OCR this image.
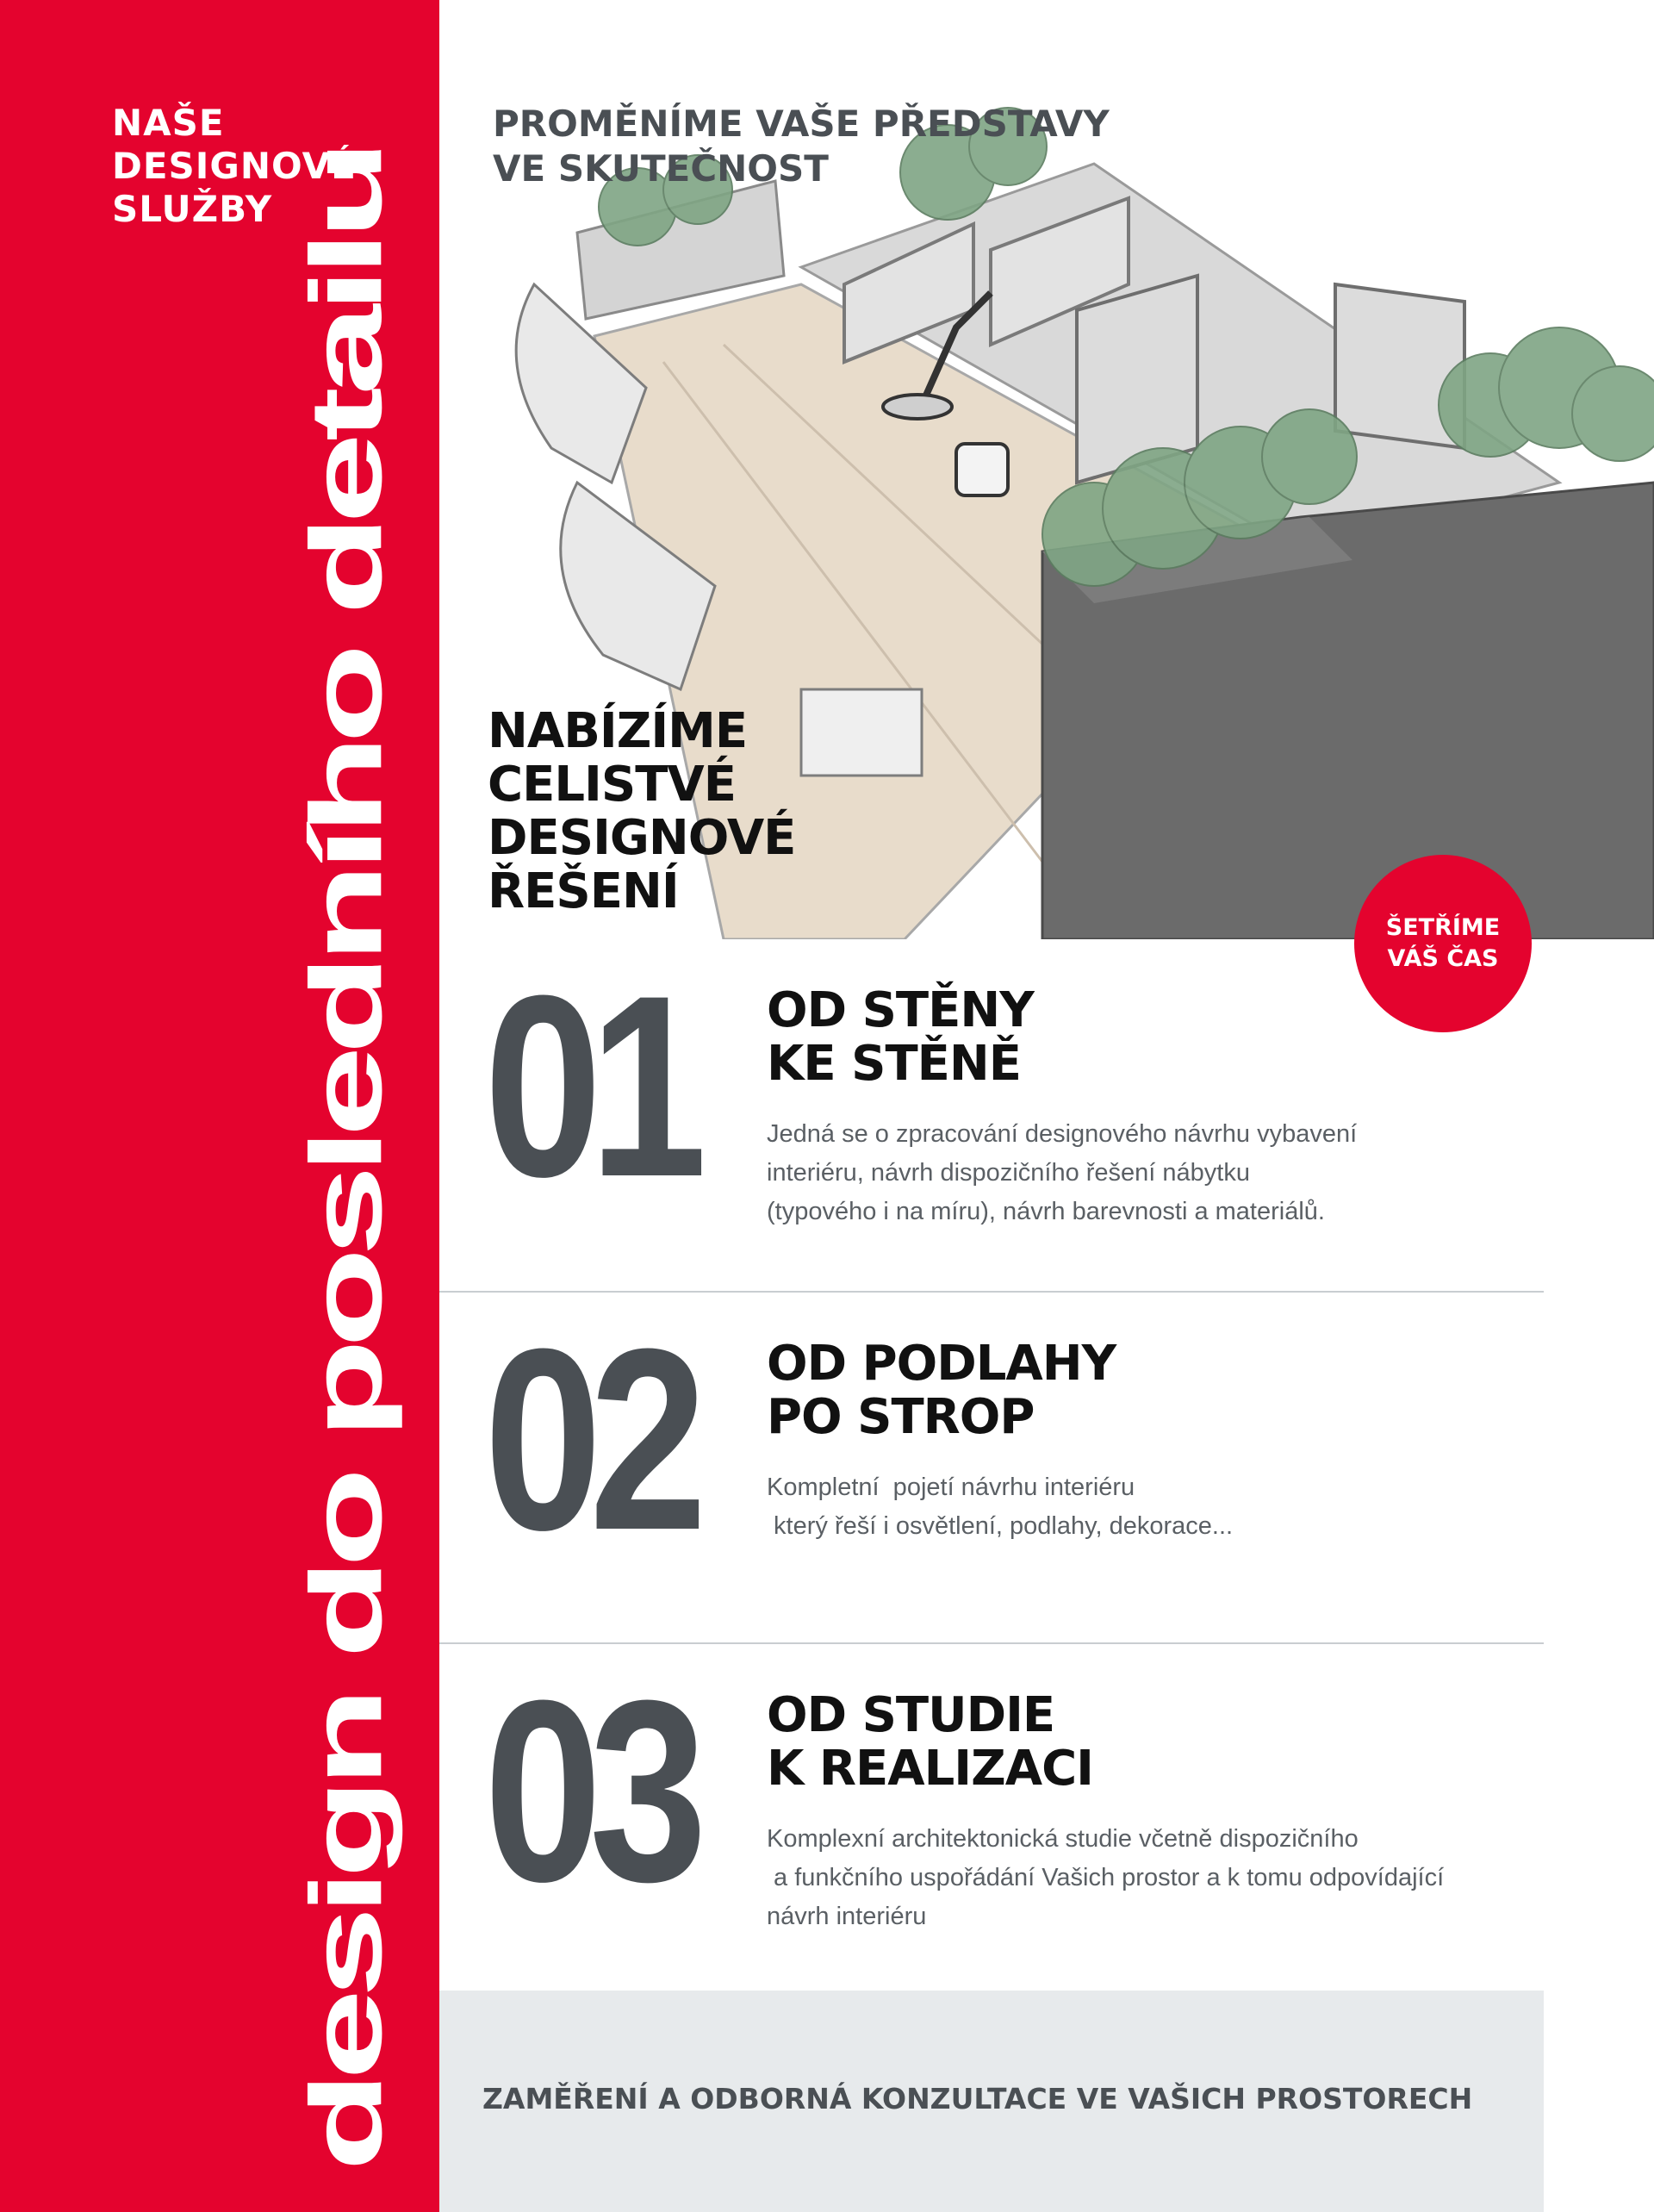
NAŠE
DESIGNOVÉ
SLUŽBY design do posledního detailu
PROMĚNÍME VAŠE PŘEDSTAVY
VE SKUTEČNOST
NABÍZÍME
CELISTVÉ
DESIGNOVÉ
ŘEŠENÍ
ŠETŘÍME
VÁŠ ČAS
01 OD STĚNY
KE STĚNĚ

Jedná se o zpracování designového návrhu vybavení
interiéru, návrh dispozičního řešení nábytku
(typového i na míru), návrh barevnosti a materiálů.

02 OD PODLAHY
PO STROP

Kompletní  pojetí návrhu interiéru
který řeší i osvětlení, podlahy, dekorace...

03 OD STUDIE
K REALIZACI

Komplexní architektonická studie včetně dispozičního
a funkčního uspořádání Vašich prostor a k tomu odpovídající
návrh interiéru

ZAMĚŘENÍ A ODBORNÁ KONZULTACE VE VAŠICH PROSTORECH
